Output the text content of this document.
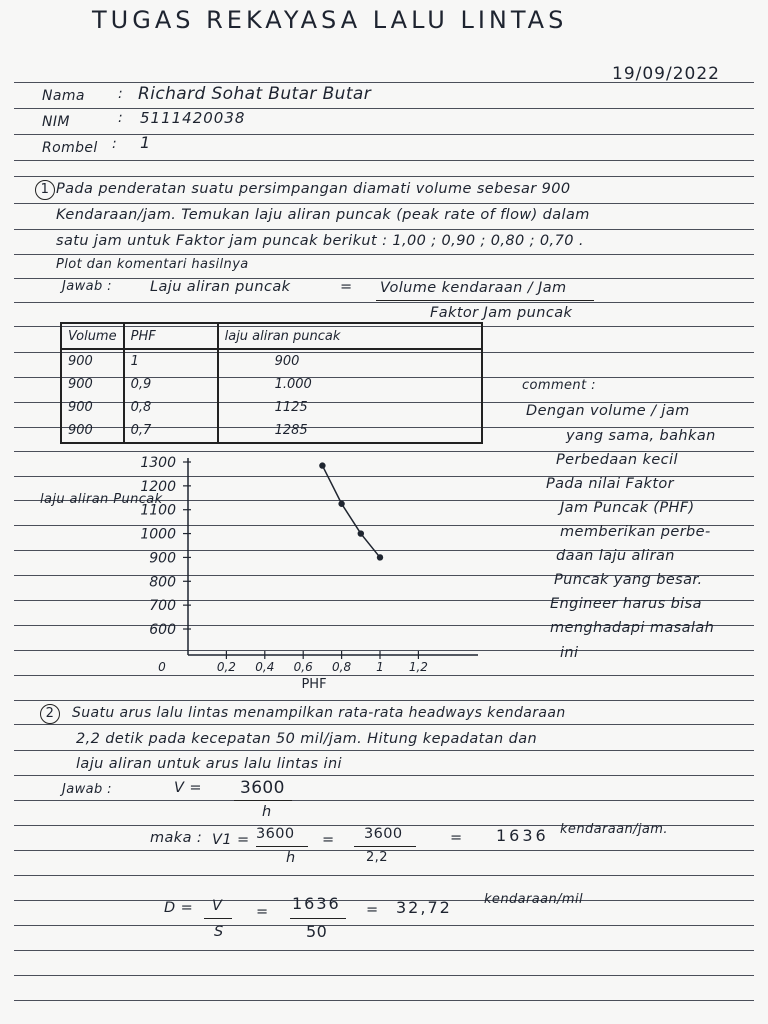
TUGAS REKAYASA LALU LINTAS
19/09/2022
Nama : Richard Sohat Butar Butar
NIM	: 5111420038
Rombel : 1
1 Pada penderatan suatu persimpangan diamati volume sebesar 900
Kendaraan/jam. Temukan laju aliran puncak (peak rate of flow) dalam
satu jam untuk Faktor jam puncak berikut : 1,00 ; 0,90 ; 0,80 ; 0,70 .
Plot dan komentari hasilnya
Jawab :	Laju aliran puncak	= Volume kendaraan / Jam
Faktor Jam puncak
Volume	PHF	laju aliran puncak
900	1	900
900	0,9	1.000
900	0,8	1125
900	0,7	1285
comment :
Dengan volume / jam
yang sama, bahkan
Perbedaan kecil
Pada nilai Faktor
Jam Puncak (PHF)
memberikan perbe-
daan laju aliran
Puncak yang besar.
Engineer harus bisa
menghadapi masalah
ini
laju aliran Puncak
1300
1200
1100
1000
900
800
700
600
0	0,2 0,4 0,6 0,8 1 1,2
PHF
2	Suatu arus lalu lintas menampilkan rata-rata headways kendaraan
2,2 detik pada kecepatan 50 mil/jam. Hitung kepadatan dan
laju aliran untuk arus lalu lintas ini
Jawab :	V = 3600
h
maka : V1 = 3600
h
= 3600
2,2
= 1636 kendaraan/jam.
D = V
S
= 1636
50
= 32,72 kendaraan/mil
